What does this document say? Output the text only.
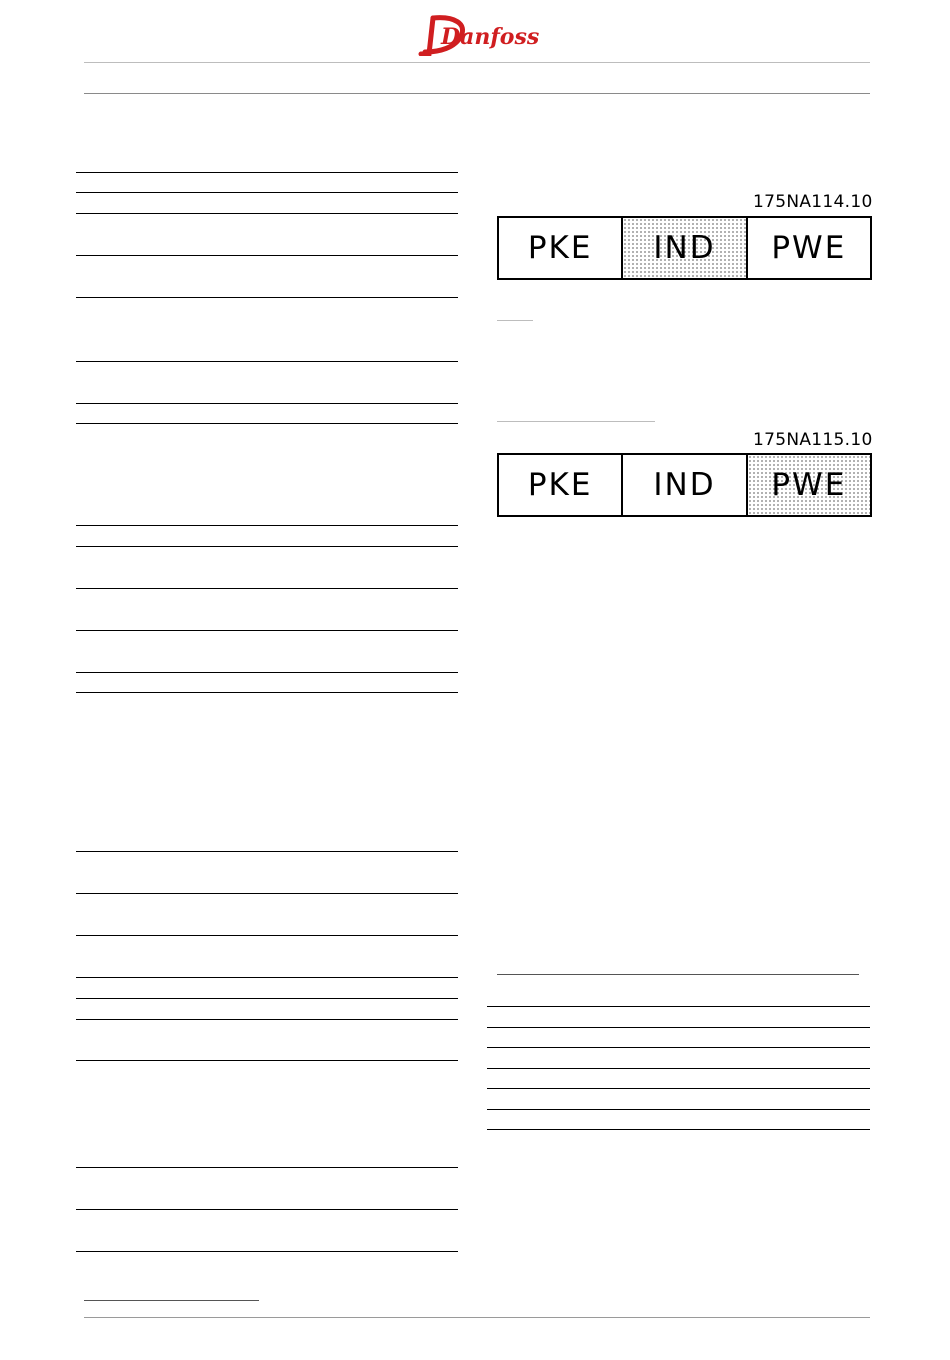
Danfoss
175NA114.10
PKE	IND	PWE
175NA115.10
PKE	IND	PWE
